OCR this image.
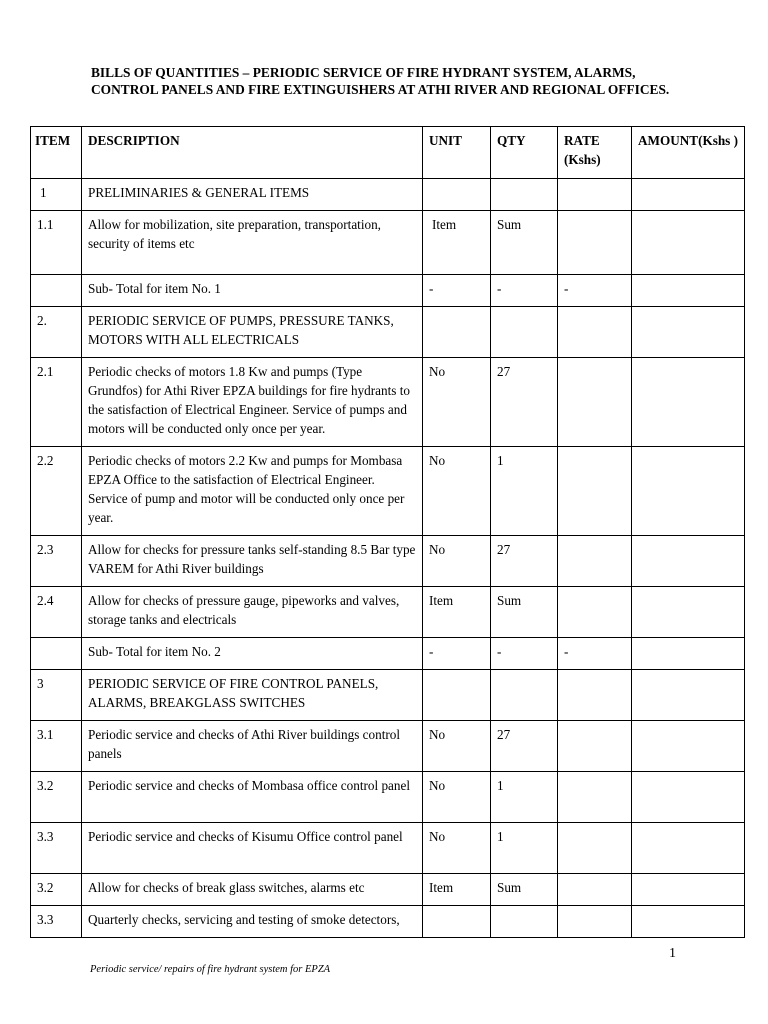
BILLS OF QUANTITIES – PERIODIC SERVICE OF FIRE HYDRANT SYSTEM, ALARMS, CONTROL PANELS AND FIRE EXTINGUISHERS AT ATHI RIVER AND REGIONAL OFFICES.
ITEM	DESCRIPTION	UNIT	QTY	RATE (Kshs)	AMOUNT(Kshs )
1	PRELIMINARIES & GENERAL ITEMS				
1.1	Allow for mobilization, site preparation, transportation, security of items etc	Item	Sum		
	Sub- Total for item No. 1	-	-	-	
2.	PERIODIC SERVICE OF PUMPS, PRESSURE TANKS, MOTORS WITH ALL ELECTRICALS				
2.1	Periodic checks of motors 1.8 Kw and pumps (Type Grundfos) for Athi River EPZA buildings for fire hydrants to the satisfaction of Electrical Engineer. Service of pumps and motors will be conducted only once per year.	No	27		
2.2	Periodic checks of motors 2.2 Kw and pumps for Mombasa EPZA Office to the satisfaction of Electrical Engineer. Service of pump and motor will be conducted only once per year.	No	1		
2.3	Allow for checks for pressure tanks self-standing 8.5 Bar type VAREM for Athi River buildings	No	27		
2.4	Allow for checks of pressure gauge, pipeworks and valves, storage tanks and electricals	Item	Sum		
	Sub- Total for item No. 2	-	-	-	
3	PERIODIC SERVICE OF FIRE CONTROL PANELS, ALARMS, BREAKGLASS SWITCHES				
3.1	Periodic service and checks of Athi River buildings control panels	No	27		
3.2	Periodic service and checks of Mombasa office control panel	No	1		
3.3	Periodic service and checks of Kisumu Office control panel	No	1		
3.2	Allow for checks of break glass switches, alarms etc	Item	Sum		
3.3	Quarterly checks, servicing and testing of smoke detectors,				
1
Periodic service/ repairs of fire hydrant system for EPZA
